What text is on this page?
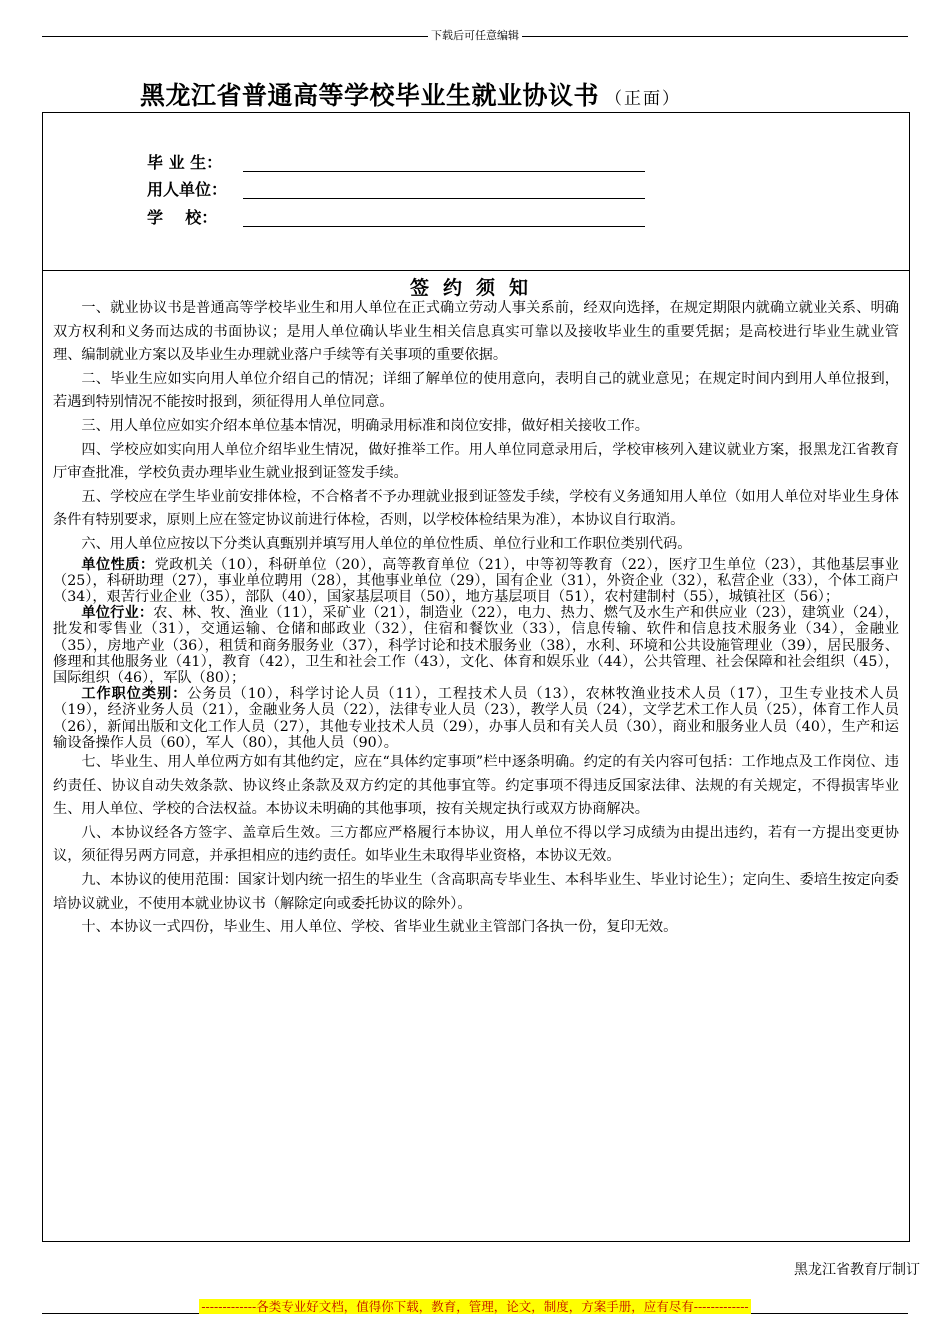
下载后可任意编辑
黑龙江省普通高等学校毕业生就业协议书 （正面）
毕 业 生：
用人单位：
学    校：
签约须知

一、就业协议书是普通高等学校毕业生和用人单位在正式确立劳动人事关系前，经双向选择，在规定期限内就确立就业关系、明确双方权利和义务而达成的书面协议；是用人单位确认毕业生相关信息真实可靠以及接收毕业生的重要凭据；是高校进行毕业生就业管理、编制就业方案以及毕业生办理就业落户手续等有关事项的重要依据。

二、毕业生应如实向用人单位介绍自己的情况；详细了解单位的使用意向，表明自己的就业意见；在规定时间内到用人单位报到，若遇到特别情况不能按时报到，须征得用人单位同意。

三、用人单位应如实介绍本单位基本情况，明确录用标准和岗位安排，做好相关接收工作。

四、学校应如实向用人单位介绍毕业生情况，做好推举工作。用人单位同意录用后，学校审核列入建议就业方案，报黑龙江省教育厅审查批准，学校负责办理毕业生就业报到证签发手续。

五、学校应在学生毕业前安排体检，不合格者不予办理就业报到证签发手续，学校有义务通知用人单位（如用人单位对毕业生身体条件有特别要求，原则上应在签定协议前进行体检，否则，以学校体检结果为准），本协议自行取消。

六、用人单位应按以下分类认真甄别并填写用人单位的单位性质、单位行业和工作职位类别代码。

单位性质：党政机关（10），科研单位（20），高等教育单位（21），中等初等教育（22），医疗卫生单位（23），其他基层事业（25），科研助理（27），事业单位聘用（28），其他事业单位（29），国有企业（31），外资企业（32），私营企业（33），个体工商户（34），艰苦行业企业（35），部队（40），国家基层项目（50），地方基层项目（51），农村建制村（55），城镇社区（56）；

单位行业：农、林、牧、渔业（11），采矿业（21），制造业（22），电力、热力、燃气及水生产和供应业（23），建筑业（24），批发和零售业（31），交通运输、仓储和邮政业（32），住宿和餐饮业（33），信息传输、软件和信息技术服务业（34），金融业（35），房地产业（36），租赁和商务服务业（37），科学讨论和技术服务业（38），水利、环境和公共设施管理业（39），居民服务、修理和其他服务业（41），教育（42），卫生和社会工作（43），文化、体育和娱乐业（44），公共管理、社会保障和社会组织（45），国际组织（46），军队（80）；

工作职位类别：公务员（10），科学讨论人员（11），工程技术人员（13），农林牧渔业技术人员（17），卫生专业技术人员（19），经济业务人员（21），金融业务人员（22），法律专业人员（23），教学人员（24），文学艺术工作人员（25），体育工作人员（26），新闻出版和文化工作人员（27），其他专业技术人员（29），办事人员和有关人员（30），商业和服务业人员（40），生产和运输设备操作人员（60），军人（80），其他人员（90）。

七、毕业生、用人单位两方如有其他约定，应在“具体约定事项”栏中逐条明确。约定的有关内容可包括：工作地点及工作岗位、违约责任、协议自动失效条款、协议终止条款及双方约定的其他事宜等。约定事项不得违反国家法律、法规的有关规定，不得损害毕业生、用人单位、学校的合法权益。本协议未明确的其他事项，按有关规定执行或双方协商解决。

八、本协议经各方签字、盖章后生效。三方都应严格履行本协议，用人单位不得以学习成绩为由提出违约，若有一方提出变更协议，须征得另两方同意，并承担相应的违约责任。如毕业生未取得毕业资格，本协议无效。

九、本协议的使用范围：国家计划内统一招生的毕业生（含高职高专毕业生、本科毕业生、毕业讨论生）；定向生、委培生按定向委培协议就业，不使用本就业协议书（解除定向或委托协议的除外）。

十、本协议一式四份，毕业生、用人单位、学校、省毕业生就业主管部门各执一份，复印无效。

黑龙江省教育厅制订
-------------各类专业好文档，值得你下载，教育，管理，论文，制度，方案手册，应有尽有-------------
